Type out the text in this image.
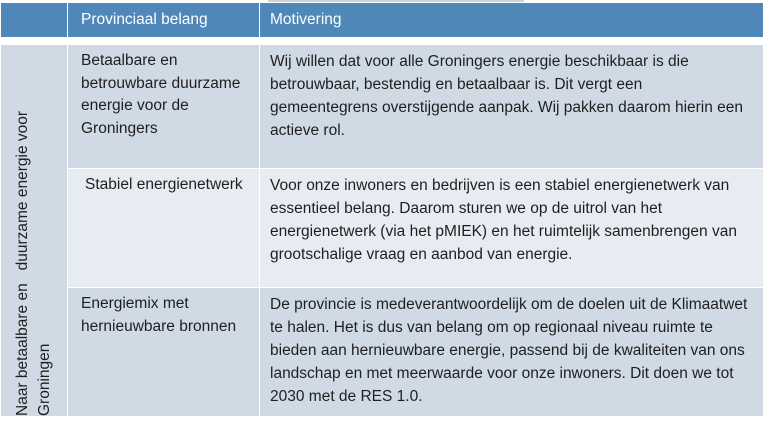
	Provinciaal belang	Motivering

Naar betaalbare en   duurzame energie voor Groningen	Betaalbare en betrouwbare duurzame energie voor de Groningers	Wij willen dat voor alle Groningers energie beschikbaar is die betrouwbaar, bestendig en betaalbaar is. Dit vergt een gemeentegrens overstijgende aanpak. Wij pakken daarom hierin een actieve rol.

	Stabiel energienetwerk	Voor onze inwoners en bedrijven is een stabiel energienetwerk van essentieel belang. Daarom sturen we op de uitrol van het energienetwerk (via het pMIEK) en het ruimtelijk samenbrengen van grootschalige vraag en aanbod van energie.

	Energiemix met hernieuwbare bronnen	De provincie is medeverantwoordelijk om de doelen uit de Klimaatwet te halen. Het is dus van belang om op regionaal niveau ruimte te bieden aan hernieuwbare energie, passend bij de kwaliteiten van ons landschap en met meerwaarde voor onze inwoners. Dit doen we tot 2030 met de RES 1.0.
